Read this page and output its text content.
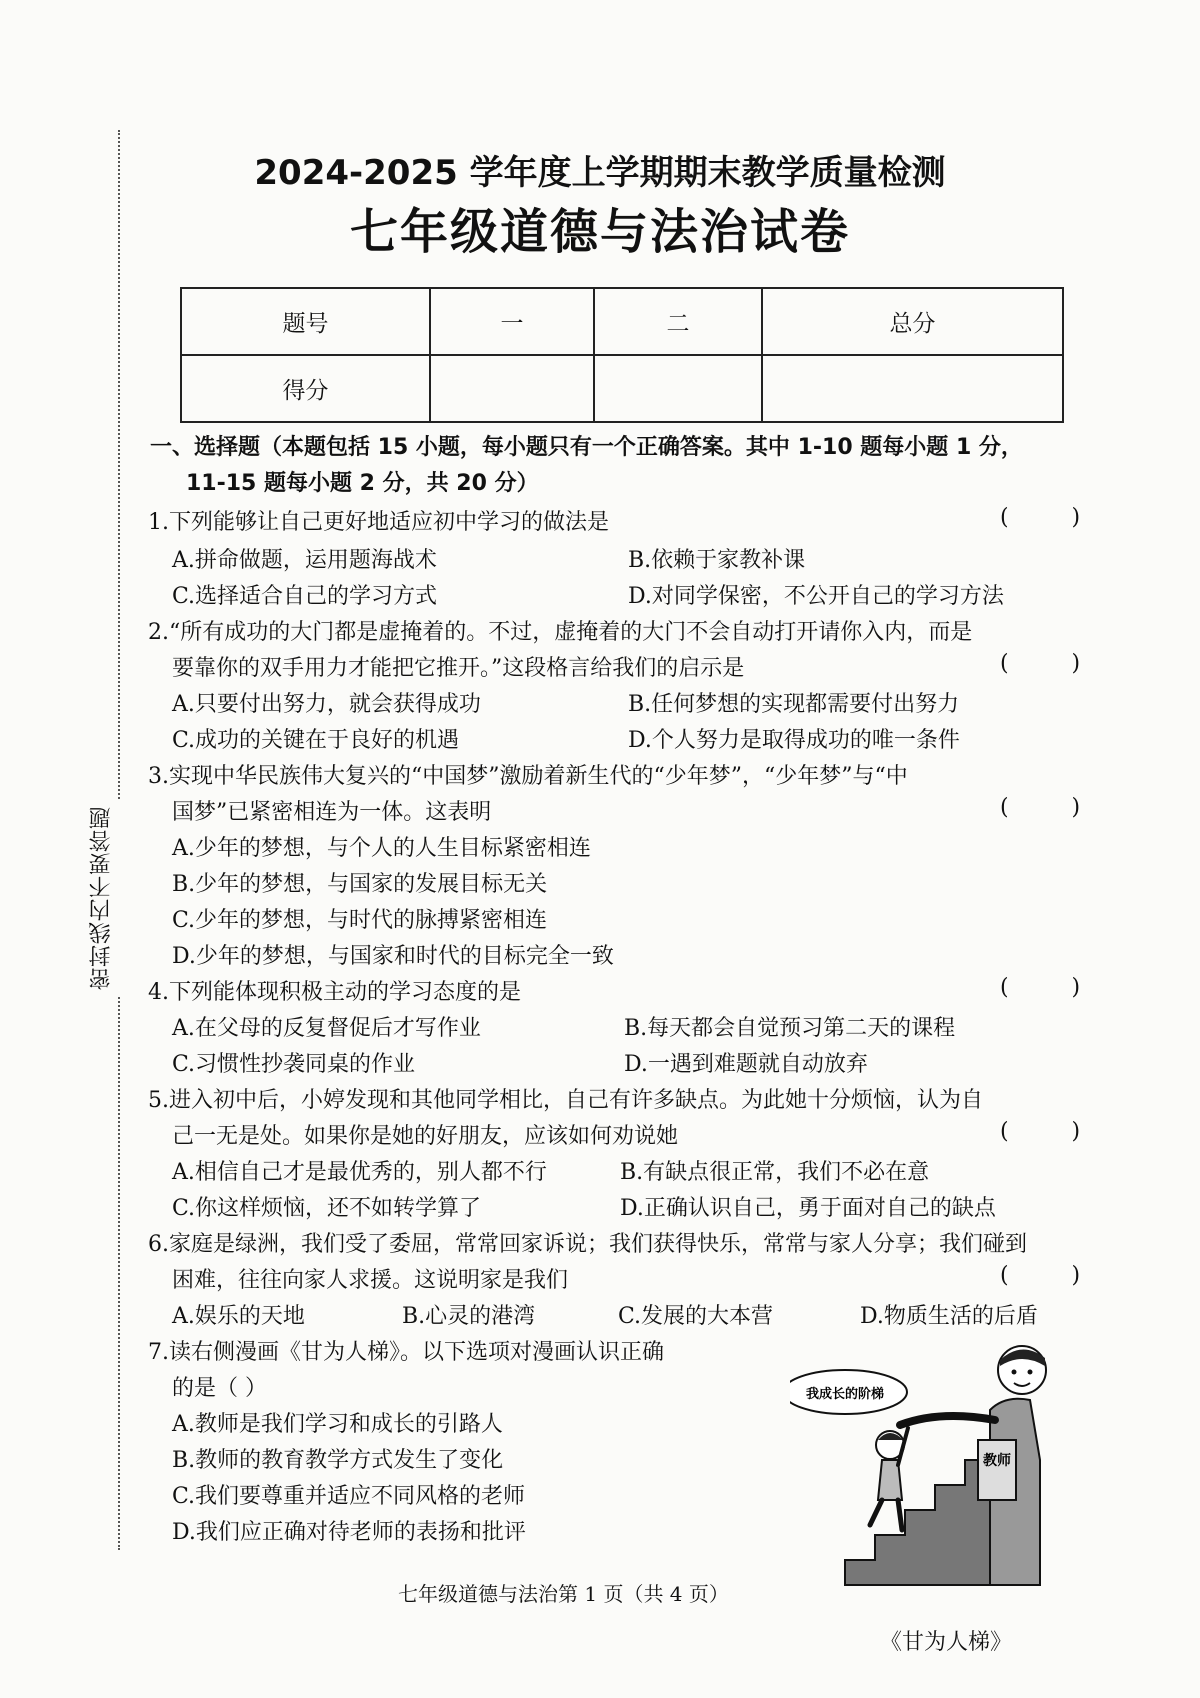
密封线内不要答题
2024-2025 学年度上学期期末教学质量检测
七年级道德与法治试卷
题号	一	二	总分
得分			
一、选择题（本题包括 15 小题，每小题只有一个正确答案。其中 1-10 题每小题 1 分，
11-15 题每小题 2 分，共 20 分）
1.下列能够让自己更好地适应初中学习的做法是	(         )
A.拼命做题，运用题海战术	B.依赖于家教补课
C.选择适合自己的学习方式	D.对同学保密，不公开自己的学习方法
2.“所有成功的大门都是虚掩着的。不过，虚掩着的大门不会自动打开请你入内，而是
要靠你的双手用力才能把它推开。”这段格言给我们的启示是	(         )
A.只要付出努力，就会获得成功	B.任何梦想的实现都需要付出努力
C.成功的关键在于良好的机遇	D.个人努力是取得成功的唯一条件
3.实现中华民族伟大复兴的“中国梦”激励着新生代的“少年梦”，“少年梦”与“中
国梦”已紧密相连为一体。这表明	(         )
A.少年的梦想，与个人的人生目标紧密相连
B.少年的梦想，与国家的发展目标无关
C.少年的梦想，与时代的脉搏紧密相连
D.少年的梦想，与国家和时代的目标完全一致
4.下列能体现积极主动的学习态度的是	(         )
A.在父母的反复督促后才写作业	B.每天都会自觉预习第二天的课程
C.习惯性抄袭同桌的作业	D.一遇到难题就自动放弃
5.进入初中后，小婷发现和其他同学相比，自己有许多缺点。为此她十分烦恼，认为自
己一无是处。如果你是她的好朋友，应该如何劝说她	(         )
A.相信自己才是最优秀的，别人都不行	B.有缺点很正常，我们不必在意
C.你这样烦恼，还不如转学算了	D.正确认识自己，勇于面对自己的缺点
6.家庭是绿洲，我们受了委屈，常常回家诉说；我们获得快乐，常常与家人分享；我们碰到
困难，往往向家人求援。这说明家是我们	(         )
A.娱乐的天地	B.心灵的港湾	C.发展的大本营	D.物质生活的后盾
7.读右侧漫画《甘为人梯》。以下选项对漫画认识正确
的是（ ）
A.教师是我们学习和成长的引路人
B.教师的教育教学方式发生了变化
C.我们要尊重并适应不同风格的老师
D.我们应正确对待老师的表扬和批评
我成长的阶梯
教师
《甘为人梯》
七年级道德与法治第 1 页（共 4 页）
